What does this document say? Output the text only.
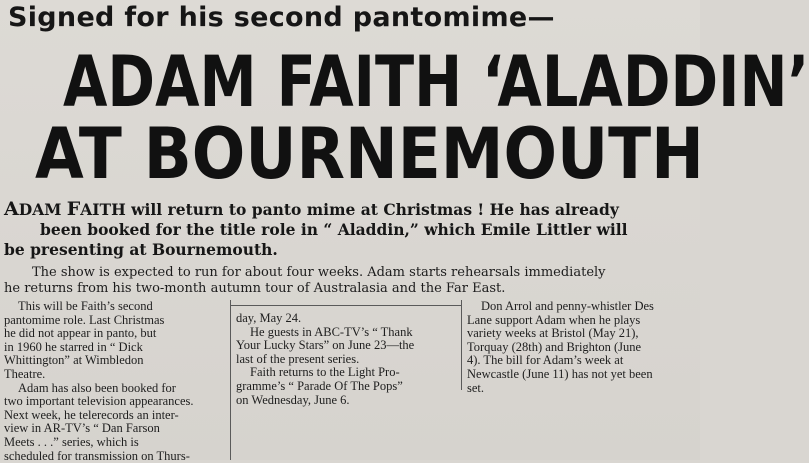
Signed for his second pantomime—
ADAM FAITH ‘ALADDIN’
AT BOURNEMOUTH
ADAM FAITH will return to panto mime at Christmas ! He has already
been booked for the title role in “ Aladdin,” which Emile Littler will
be presenting at Bournemouth.
The show is expected to run for about four weeks. Adam starts rehearsals immediately
he returns from his two-month autumn tour of Australasia and the Far East.
This will be Faith’s second
pantomime role. Last Christmas
he did not appear in panto, but
in 1960 he starred in “ Dick
Whittington” at Wimbledon
Theatre.
Adam has also been booked for
two important television appearances.
Next week, he telerecords an inter-
view in AR-TV’s “ Dan Farson
Meets . . .” series, which is
scheduled for transmission on Thurs-
day, May 24.
He guests in ABC-TV’s “ Thank
Your Lucky Stars” on June 23—the
last of the present series.
Faith returns to the Light Pro-
gramme’s “ Parade Of The Pops”
on Wednesday, June 6.
Don Arrol and penny-whistler Des
Lane support Adam when he plays
variety weeks at Bristol (May 21),
Torquay (28th) and Brighton (June
4). The bill for Adam’s week at
Newcastle (June 11) has not yet been
set.
